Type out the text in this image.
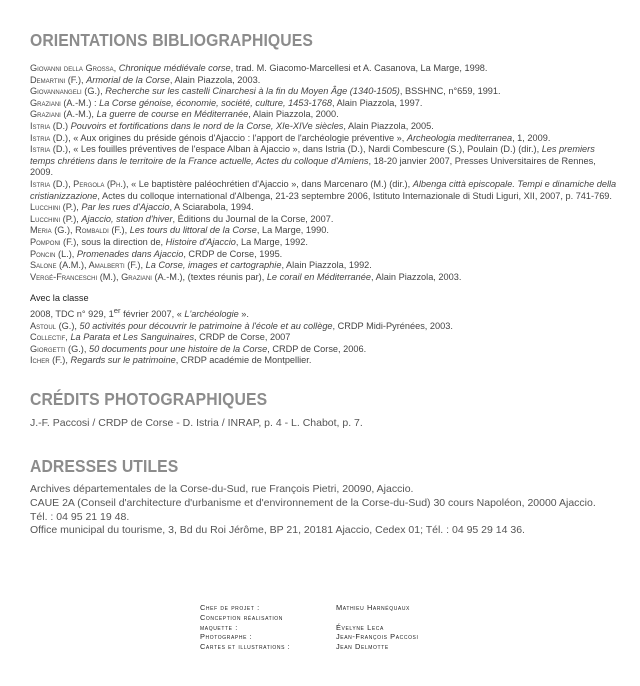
ORIENTATIONS BIBLIOGRAPHIQUES

Giovanni della Grossa, Chronique médiévale corse, trad. M. Giacomo-Marcellesi et A. Casanova, La Marge, 1998.

Demartini (F.), Armorial de la Corse, Alain Piazzola, 2003.

Giovannangeli (G.), Recherche sur les castelli Cinarchesi à la fin du Moyen Âge (1340-1505), BSSHNC, n°659, 1991.

Graziani (A.-M.) : La Corse génoise, économie, société, culture, 1453-1768, Alain Piazzola, 1997.

Graziani (A.-M.), La guerre de course en Méditerranée, Alain Piazzola, 2000.

Istria (D.) Pouvoirs et fortifications dans le nord de la Corse, XIe-XIVe siècles, Alain Piazzola, 2005.

Istria (D.), « Aux origines du préside génois d'Ajaccio : l'apport de l'archéologie préventive », Archeologia mediterranea, 1, 2009.

Istria (D.), « Les fouilles préventives de l'espace Alban à Ajaccio », dans Istria (D.), Nardi Combescure (S.), Poulain (D.) (dir.), Les premiers temps chrétiens dans le territoire de la France actuelle, Actes du colloque d'Amiens, 18-20 janvier 2007, Presses Universitaires de Rennes, 2009.

Istria (D.), Pergola (Ph.), « Le baptistère paléochrétien d'Ajaccio », dans Marcenaro (M.) (dir.), Albenga città episcopale. Tempi e dinamiche della cristianizzazione, Actes du colloque international d'Albenga, 21-23 septembre 2006, Istituto Internazionale di Studi Liguri, XII, 2007, p. 741-769.

Lucchini (P.), Par les rues d'Ajaccio, A Sciarabola, 1994.

Lucchini (P.), Ajaccio, station d'hiver, Éditions du Journal de la Corse, 2007.

Meria (G.), Rombaldi (F.), Les tours du littoral de la Corse, La Marge, 1990.

Pomponi (F.), sous la direction de, Histoire d'Ajaccio, La Marge, 1992.

Poncin (L.), Promenades dans Ajaccio, CRDP de Corse, 1995.

Salone (A.M.), Amalberti (F.), La Corse, images et cartographie, Alain Piazzola, 1992.

Vergé-Franceschi (M.), Graziani (A.-M.), (textes réunis par), Le corail en Méditerranée, Alain Piazzola, 2003.

Avec la classe

2008, TDC n° 929, 1er février 2007, « L'archéologie ».

Astoul (G.), 50 activités pour découvrir le patrimoine à l'école et au collège, CRDP Midi-Pyrénées, 2003.

Collectif, La Parata et Les Sanguinaires, CRDP de Corse, 2007

Giorgetti (G.), 50 documents pour une histoire de la Corse, CRDP de Corse, 2006.

Icher (F.), Regards sur le patrimoine, CRDP académie de Montpellier.

CRÉDITS PHOTOGRAPHIQUES
J.-F. Paccosi / CRDP de Corse - D. Istria / INRAP, p. 4 - L. Chabot, p. 7.
ADRESSES UTILES

Archives départementales de la Corse-du-Sud, rue François Pietri, 20090, Ajaccio.

CAUE 2A (Conseil d'architecture d'urbanisme et d'environnement de la Corse-du-Sud) 30 cours Napoléon, 20000 Ajaccio.

Tél. : 04 95 21 19 48.

Office municipal du tourisme, 3, Bd du Roi Jérôme, BP 21, 20181 Ajaccio, Cedex 01; Tél. : 04 95 29 14 36.

Chef de projet :	Mathieu Harnéquaux
Conception réalisation
maquette :	Évelyne Leca
Photographe :	Jean-François Paccosi
Cartes et illustrations :	Jean Delmotte
